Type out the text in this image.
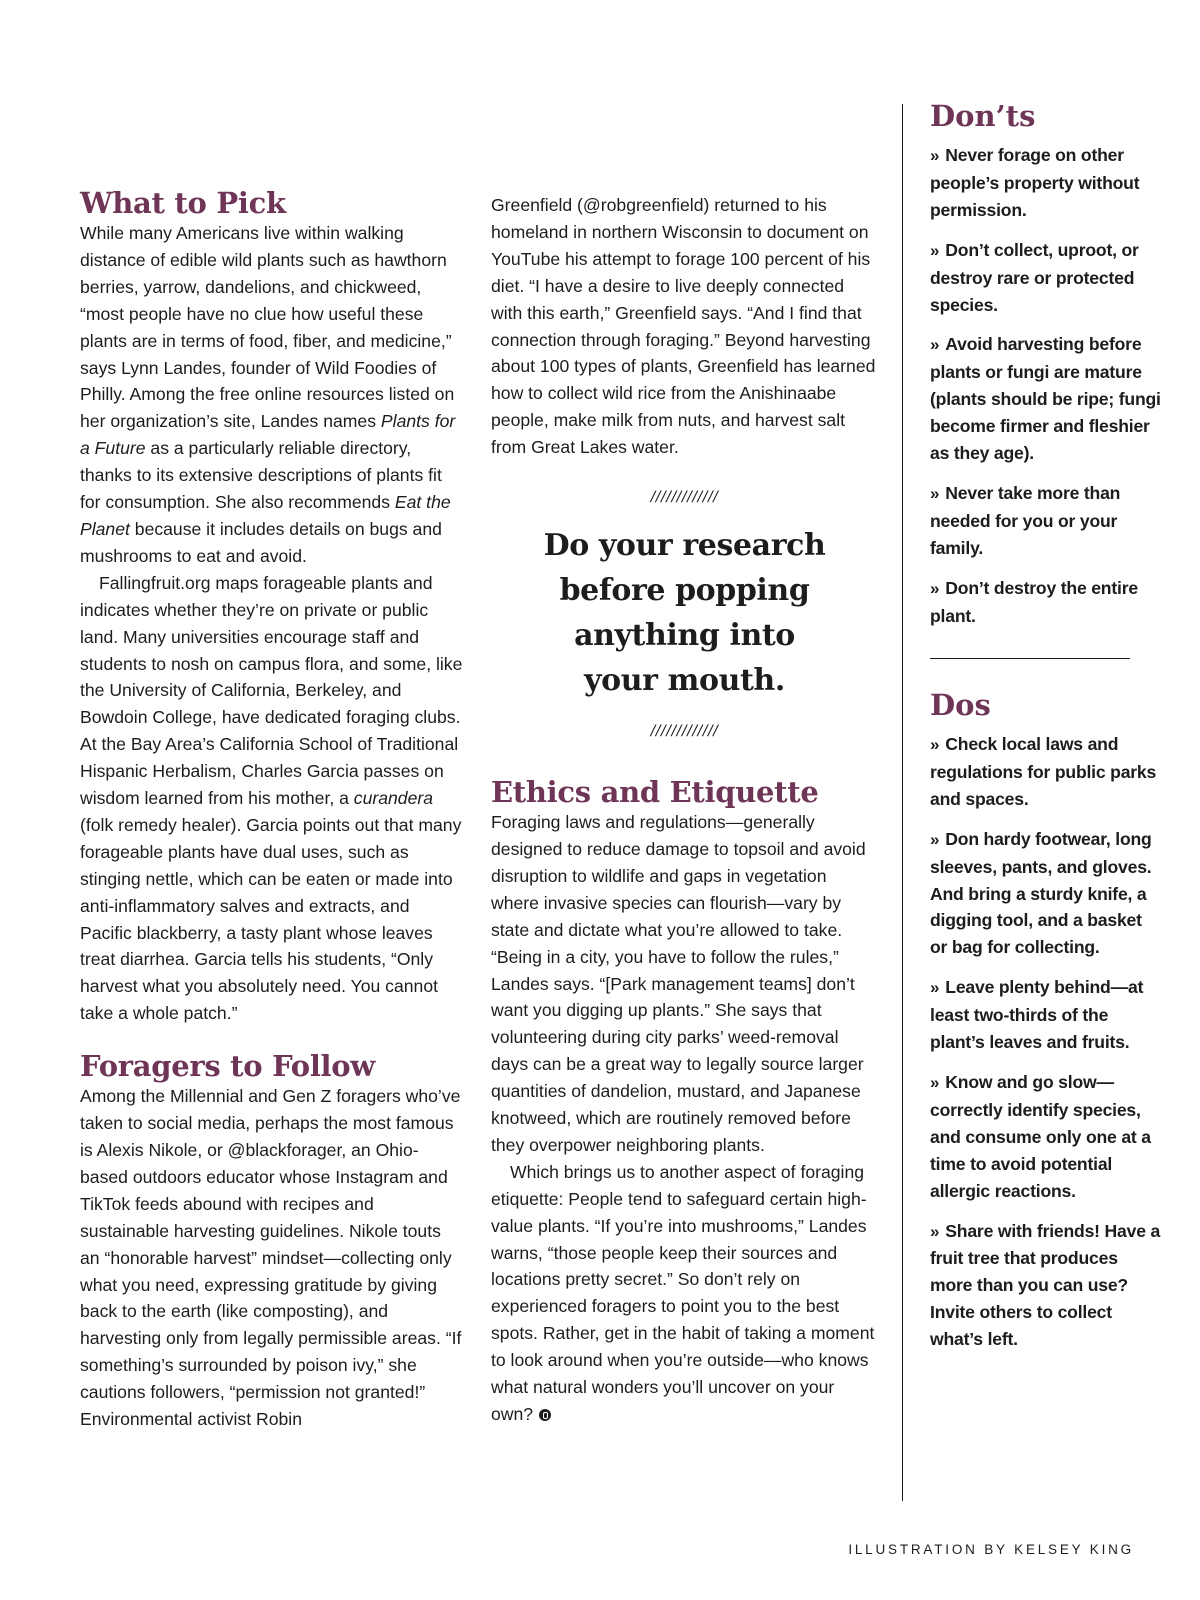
What to Pick

While many Americans live within walking distance of edible wild plants such as hawthorn berries, yarrow, dandelions, and chickweed, “most people have no clue how useful these plants are in terms of food, fiber, and medicine,” says Lynn Landes, founder of Wild Foodies of Philly. Among the free online resources listed on her organization’s site, Landes names Plants for a Future as a particularly reliable directory, thanks to its extensive descriptions of plants fit for consumption. She also recommends Eat the Planet because it includes details on bugs and mushrooms to eat and avoid.

Fallingfruit.org maps forageable plants and indicates whether they’re on private or public land. Many universities encourage staff and students to nosh on campus flora, and some, like the University of California, Berkeley, and Bowdoin College, have dedicated foraging clubs. At the Bay Area’s California School of Traditional Hispanic Herbalism, Charles Garcia passes on wisdom learned from his mother, a curandera (folk remedy healer). Garcia points out that many forageable plants have dual uses, such as stinging nettle, which can be eaten or made into anti-inflammatory salves and extracts, and Pacific blackberry, a tasty plant whose leaves treat diarrhea. Garcia tells his students, “Only harvest what you absolutely need. You cannot take a whole patch.”

Foragers to Follow

Among the Millennial and Gen Z foragers who’ve taken to social media, perhaps the most famous is Alexis Nikole, or @blackforager, an Ohio-based outdoors educator whose Instagram and TikTok feeds abound with recipes and sustainable harvesting guidelines. Nikole touts an “honorable harvest” mindset—collecting only what you need, expressing gratitude by giving back to the earth (like composting), and harvesting only from legally permissible areas. “If something’s surrounded by poison ivy,” she cautions followers, “permission not granted!” Environmental activist Robin

Greenfield (@robgreenfield) returned to his homeland in northern Wisconsin to document on YouTube his attempt to forage 100 percent of his diet. “I have a desire to live deeply connected with this earth,” Greenfield says. “And I find that connection through foraging.” Beyond harvesting about 100 types of plants, Greenfield has learned how to collect wild rice from the Anishinaabe people, make milk from nuts, and harvest salt from Great Lakes water.

/////////////

Do your research
before popping
anything into
your mouth.

/////////////

Ethics and Etiquette

Foraging laws and regulations—generally designed to reduce damage to topsoil and avoid disruption to wildlife and gaps in vegetation where invasive species can flourish—vary by state and dictate what you’re allowed to take. “Being in a city, you have to follow the rules,” Landes says. “[Park management teams] don’t want you digging up plants.” She says that volunteering during city parks’ weed-removal days can be a great way to legally source larger quantities of dandelion, mustard, and Japanese knotweed, which are routinely removed before they overpower neighboring plants.

Which brings us to another aspect of foraging etiquette: People tend to safeguard certain high-value plants. “If you’re into mushrooms,” Landes warns, “those people keep their sources and locations pretty secret.” So don’t rely on experienced foragers to point you to the best spots. Rather, get in the habit of taking a moment to look around when you’re outside—who knows what natural wonders you’ll uncover on your own?

Don’ts

» Never forage on other people’s property without permission.

» Don’t collect, uproot, or destroy rare or protected species.

» Avoid harvesting before plants or fungi are mature (plants should be ripe; fungi become firmer and fleshier as they age).

» Never take more than needed for you or your family.

» Don’t destroy the entire plant.

Dos

» Check local laws and regulations for public parks and spaces.

» Don hardy footwear, long sleeves, pants, and gloves. And bring a sturdy knife, a digging tool, and a basket or bag for collecting.

» Leave plenty behind—at least two-thirds of the plant’s leaves and fruits.

» Know and go slow—correctly identify species, and consume only one at a time to avoid potential allergic reactions.

» Share with friends! Have a fruit tree that produces more than you can use? Invite others to collect what’s left.

ILLUSTRATION BY KELSEY KING
